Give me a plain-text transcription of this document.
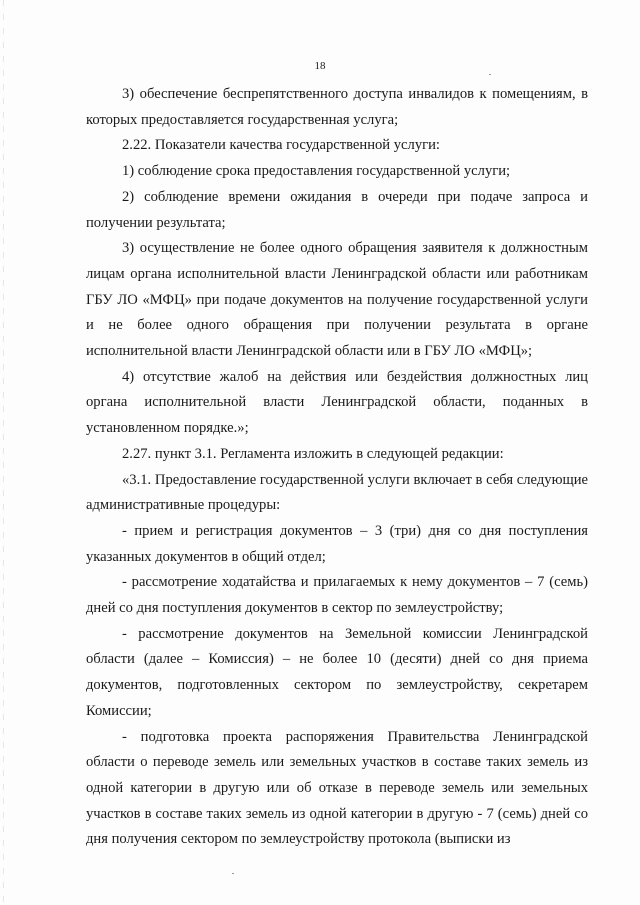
18

3) обеспечение беспрепятственного доступа инвалидов к помещениям, в которых предоставляется государственная услуга;

2.22. Показатели качества государственной услуги:

1) соблюдение срока предоставления государственной услуги;

2) соблюдение времени ожидания в очереди при подаче запроса и получении результата;

3) осуществление не более одного обращения заявителя к должностным лицам органа исполнительной власти Ленинградской области или работникам ГБУ ЛО «МФЦ» при подаче документов на получение государственной услуги и не более одного обращения при получении результата в органе исполнительной власти Ленинградской области или в ГБУ ЛО «МФЦ»;

4) отсутствие жалоб на действия или бездействия должностных лиц органа исполнительной власти Ленинградской области, поданных в установленном порядке.»;

2.27. пункт 3.1. Регламента изложить в следующей редакции:

«3.1. Предоставление государственной услуги включает в себя следующие административные процедуры:

- прием и регистрация документов – 3 (три) дня со дня поступления указанных документов в общий отдел;

- рассмотрение ходатайства и прилагаемых к нему документов – 7 (семь) дней со дня поступления документов в сектор по землеустройству;

- рассмотрение документов на Земельной комиссии Ленинградской области (далее – Комиссия) – не более 10 (десяти) дней со дня приема документов, подготовленных сектором по землеустройству, секретарем Комиссии;

- подготовка проекта распоряжения Правительства Ленинградской области о переводе земель или земельных участков в составе таких земель из одной категории в другую или об отказе в переводе земель или земельных участков в составе таких земель из одной категории в другую - 7 (семь) дней со дня получения сектором по землеустройству протокола (выписки из
